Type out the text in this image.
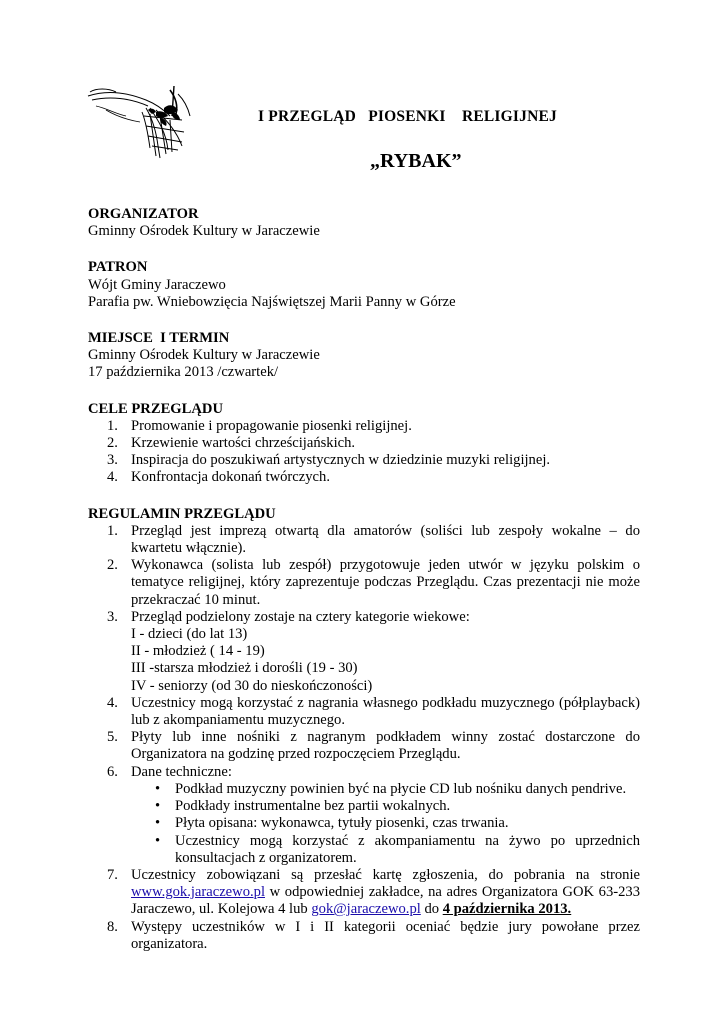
I PRZEGLĄD   PIOSENKI    RELIGIJNEJ
„RYBAK”
ORGANIZATOR
Gminny Ośrodek Kultury w Jaraczewie
PATRON
Wójt Gminy Jaraczewo
Parafia pw. Wniebowzięcia Najświętszej Marii Panny w Górze
MIEJSCE  I TERMIN
Gminny Ośrodek Kultury w Jaraczewie
17 października 2013 /czwartek/
CELE PRZEGLĄDU
1. Promowanie i propagowanie piosenki religijnej.
2. Krzewienie wartości chrześcijańskich.
3. Inspiracja do poszukiwań artystycznych w dziedzinie muzyki religijnej.
4. Konfrontacja dokonań twórczych.
REGULAMIN PRZEGLĄDU
1. Przegląd jest imprezą otwartą dla amatorów (soliści lub zespoły wokalne – do
kwartetu włącznie).
2. Wykonawca (solista lub zespół) przygotowuje jeden utwór w języku polskim o
tematyce religijnej, który zaprezentuje podczas Przeglądu. Czas prezentacji nie może
przekraczać 10 minut.
3. Przegląd podzielony zostaje na cztery kategorie wiekowe:
I - dzieci (do lat 13)
II - młodzież ( 14 - 19)
III -starsza młodzież i dorośli (19 - 30)
IV - seniorzy (od 30 do nieskończoności)
4. Uczestnicy mogą korzystać z nagrania własnego podkładu muzycznego (półplayback)
lub z akompaniamentu muzycznego.
5. Płyty lub inne nośniki z nagranym podkładem winny zostać dostarczone do
Organizatora na godzinę przed rozpoczęciem Przeglądu.
6. Dane techniczne:
• Podkład muzyczny powinien być na płycie CD lub nośniku danych pendrive.
• Podkłady instrumentalne bez partii wokalnych.
• Płyta opisana: wykonawca, tytuły piosenki, czas trwania.
• Uczestnicy mogą korzystać z akompaniamentu na żywo po uprzednich
konsultacjach z organizatorem.
7. Uczestnicy zobowiązani są przesłać kartę zgłoszenia, do pobrania na stronie
www.gok.jaraczewo.pl w odpowiedniej zakładce, na adres Organizatora GOK 63-233
Jaraczewo, ul. Kolejowa 4 lub gok@jaraczewo.pl do 4 października 2013.
8. Występy uczestników w I i II kategorii oceniać będzie jury powołane przez
organizatora.
